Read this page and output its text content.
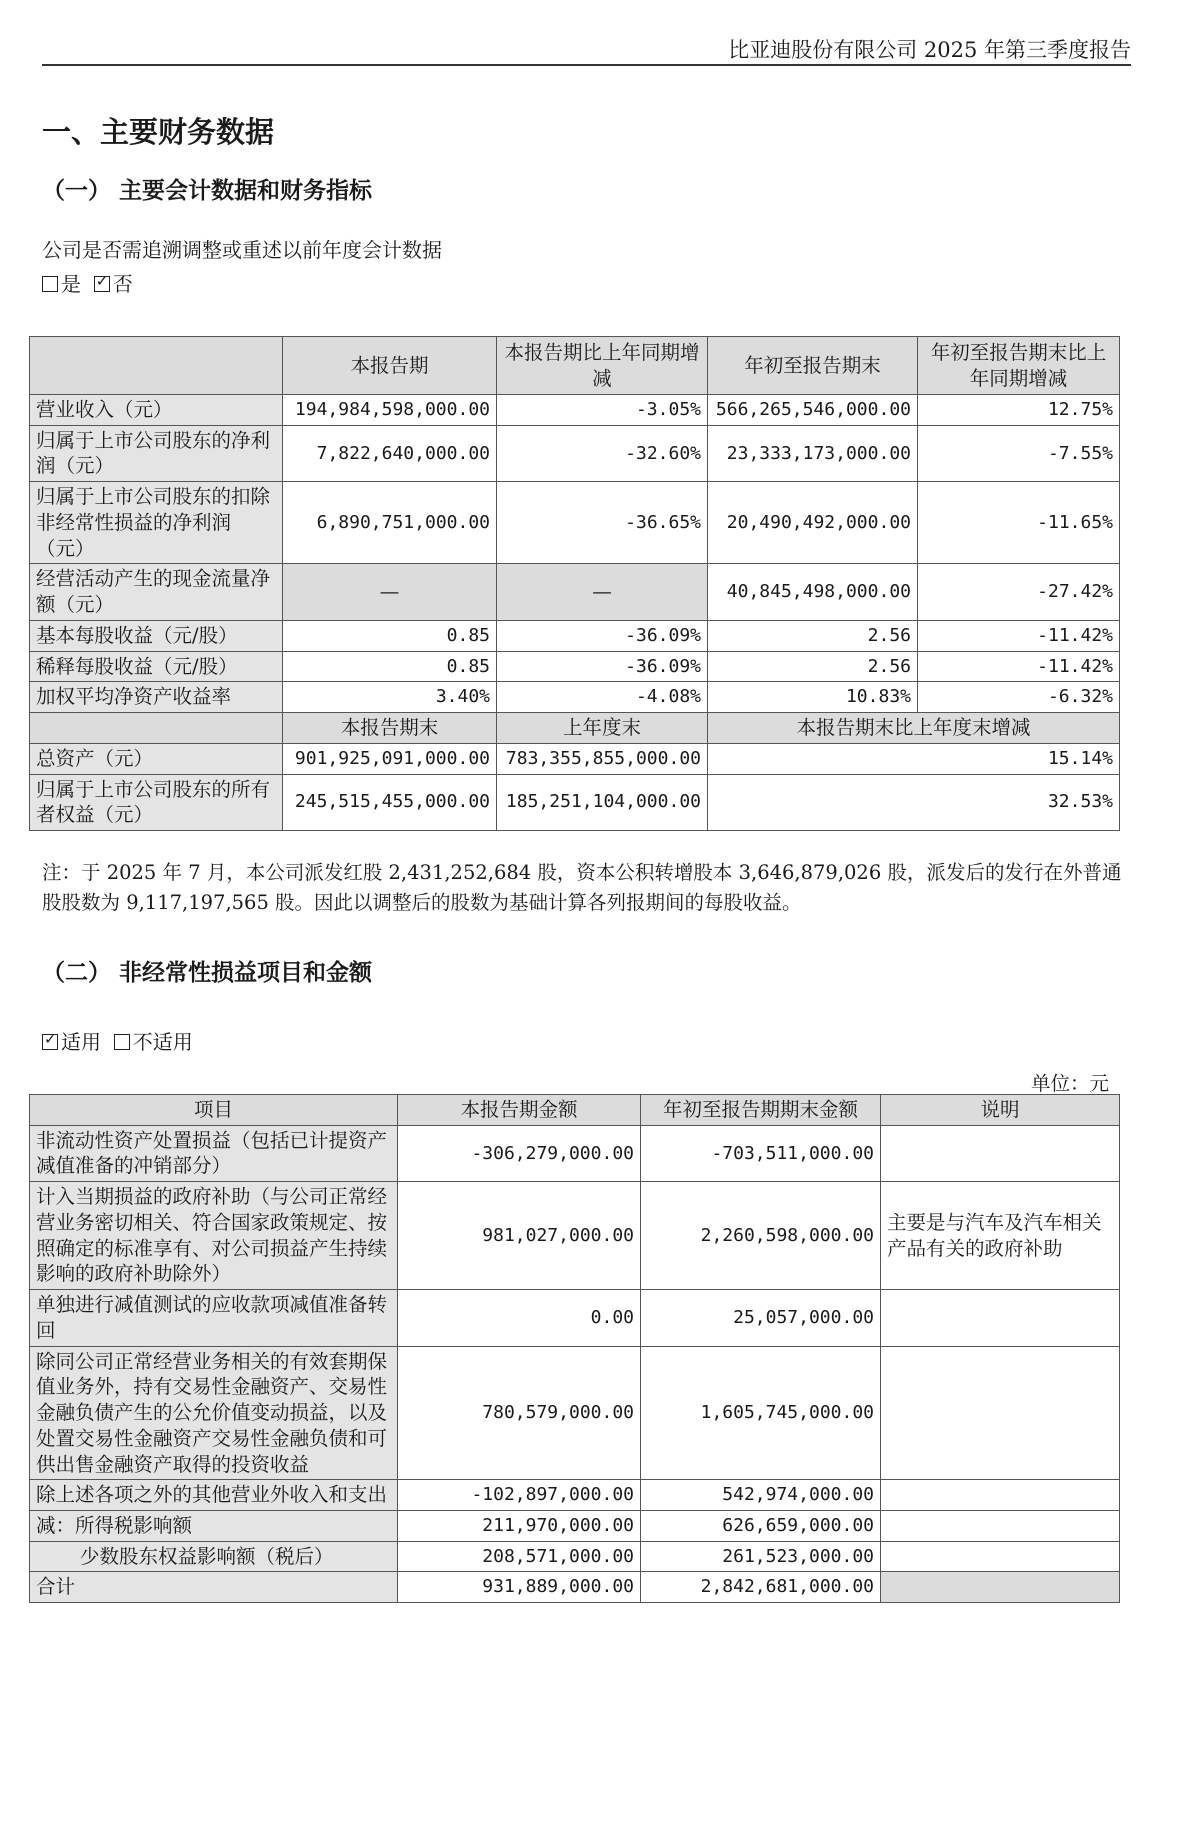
比亚迪股份有限公司 2025 年第三季度报告
一、主要财务数据
（一） 主要会计数据和财务指标
公司是否需追溯调整或重述以前年度会计数据
是 ✓ 否
	本报告期	本报告期比上年同期增减	年初至报告期末	年初至报告期末比上年同期增减
营业收入（元）	194,984,598,000.00	-3.05%	566,265,546,000.00	12.75%
归属于上市公司股东的净利润（元）	7,822,640,000.00	-32.60%	23,333,173,000.00	-7.55%
归属于上市公司股东的扣除非经常性损益的净利润（元）	6,890,751,000.00	-36.65%	20,490,492,000.00	-11.65%
经营活动产生的现金流量净额（元）	—	—	40,845,498,000.00	-27.42%
基本每股收益（元/股）	0.85	-36.09%	2.56	-11.42%
稀释每股收益（元/股）	0.85	-36.09%	2.56	-11.42%
加权平均净资产收益率	3.40%	-4.08%	10.83%	-6.32%
	本报告期末	上年度末	本报告期末比上年度末增减	
总资产（元）	901,925,091,000.00	783,355,855,000.00	15.14%	
归属于上市公司股东的所有者权益（元）	245,515,455,000.00	185,251,104,000.00	32.53%	
注：于 2025 年 7 月，本公司派发红股 2,431,252,684 股，资本公积转增股本 3,646,879,026 股，派发后的发行在外普通股股数为 9,117,197,565 股。因此以调整后的股数为基础计算各列报期间的每股收益。
（二） 非经常性损益项目和金额
✓适用 不适用
单位：元
项目	本报告期金额	年初至报告期期末金额	说明
非流动性资产处置损益（包括已计提资产减值准备的冲销部分）	-306,279,000.00	-703,511,000.00	
计入当期损益的政府补助（与公司正常经营业务密切相关、符合国家政策规定、按照确定的标准享有、对公司损益产生持续影响的政府补助除外）	981,027,000.00	2,260,598,000.00	主要是与汽车及汽车相关产品有关的政府补助
单独进行减值测试的应收款项减值准备转回	0.00	25,057,000.00	
除同公司正常经营业务相关的有效套期保值业务外，持有交易性金融资产、交易性金融负债产生的公允价值变动损益，以及处置交易性金融资产交易性金融负债和可供出售金融资产取得的投资收益	780,579,000.00	1,605,745,000.00	
除上述各项之外的其他营业外收入和支出	-102,897,000.00	542,974,000.00	
减：所得税影响额	211,970,000.00	626,659,000.00	
少数股东权益影响额（税后）	208,571,000.00	261,523,000.00	
合计	931,889,000.00	2,842,681,000.00	
